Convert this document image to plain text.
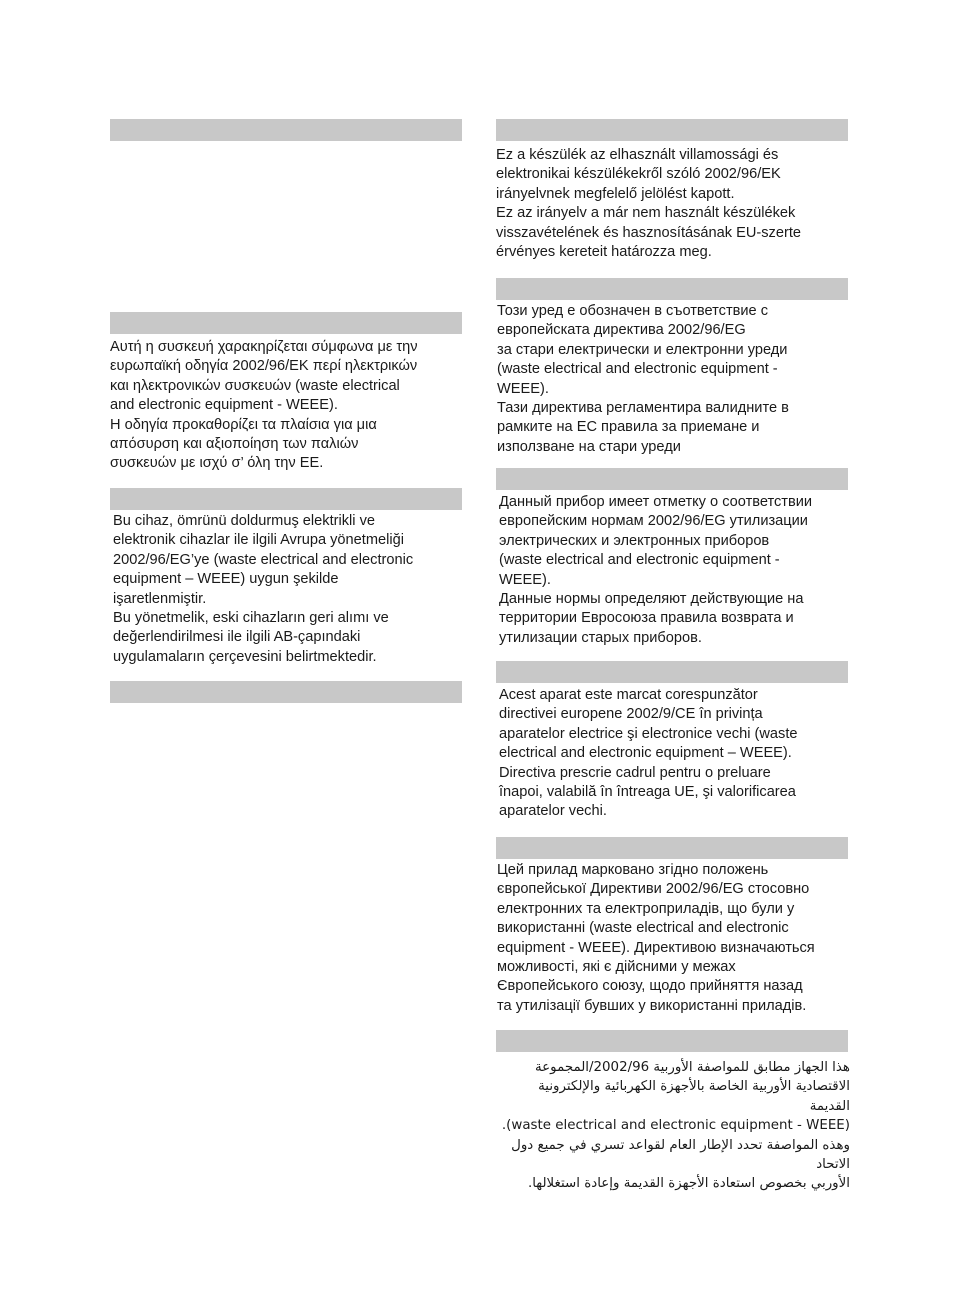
Αυτή η συσκευή χαρακηρίζεται σύμφωνα με την
ευρωπαϊκή οδηγία 2002/96/EK περί ηλεκτρικών
και ηλεκτρονικών συσκευών (waste electrical
and electronic equipment - WEEE).
Η οδηγία προκαθορίζει τα πλαίσια για μια
απόσυρση και αξιοποίηση των παλιών
συσκευών με ισχύ σ’ όλη την ΕΕ.
Bu cihaz, ömrünü doldurmuş elektrikli ve
elektronik cihazlar ile ilgili Avrupa yönetmeliği
2002/96/EG’ye (waste electrical and electronic
equipment – WEEE) uygun şekilde
işaretlenmiştir.
Bu yönetmelik, eski cihazların geri alımı ve
değerlendirilmesi ile ilgili AB-çapındaki
uygulamaların çerçevesini belirtmektedir.
Ez a készülék az elhasznált villamossági és
elektronikai készülékekről szóló 2002/96/EK
irányelvnek megfelelő jelölést kapott.
Ez az irányelv a már nem használt készülékek
visszavételének és hasznosításának EU-szerte
érvényes kereteit határozza meg.
Този уред е обозначен в съответствие с
европейската директива 2002/96/EG
за стари електрически и електронни уреди
(waste electrical and electronic equipment -
WEEE).
Тази директива регламентира валидните в
рамките на ЕС правила за приемане и
използване на стари уреди
Данный прибор имеет отметку о соответствии
европейским нормам 2002/96/EG утилизации
электрических и электронных приборов
(waste electrical and electronic equipment -
WEEE).
Данные нормы определяют действующие на
территории Евросоюза правила возврата и
утилизации старых приборов.
Acest aparat este marcat corespunzător
directivei europene 2002/9/CE în privința
aparatelor electrice şi electronice vechi (waste
electrical and electronic equipment – WEEE).
Directiva prescrie cadrul pentru o preluare
înapoi, valabilă în întreaga UE, şi valorificarea
aparatelor vechi.
Цей прилад марковано згідно положень
європейської Директиви 2002/96/EG стосовно
електронних та електроприладів, що були у
використанні (waste electrical and electronic
equipment - WEEE). Директивою визначаються
можливості, які є дійсними у межах
Європейського союзу, щодо прийняття назад
та утилізації бувших у використанні приладів.
هذا الجهاز مطابق للمواصفة الأوربية 2002/96/المجموعة
الاقتصادية الأوربية الخاصة بالأجهزة الكهربائية والإلكترونية القديمة
(waste electrical and electronic equipment - WEEE).
وهذه المواصفة تحدد الإطار العام لقواعد تسري في جميع دول الاتحاد
الأوربي بخصوص استعادة الأجهزة القديمة وإعادة استغلالها.
